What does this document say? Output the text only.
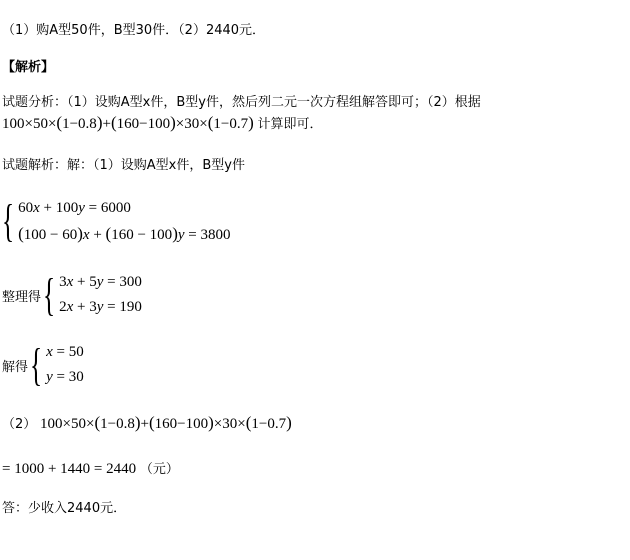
（1）购A型50件，B型30件．（2）2440元．
【解析】
试题分析：（1）设购A型x件，B型y件，然后列二元一次方程组解答即可；（2）根据
100×50×(1−0.8)+(160−100)×30×(1−0.7) 计算即可．
试题解析：解：（1）设购A型x件，B型y件
{ 60x + 100y = 6000
(100 − 60)x + (160 − 100)y = 3800
整理得 { 3x + 5y = 300
2x + 3y = 190
解得 { x = 50
y = 30
（2） 100×50×(1−0.8)+(160−100)×30×(1−0.7)
= 1000 + 1440 = 2440 （元）
答：少收入2440元．
